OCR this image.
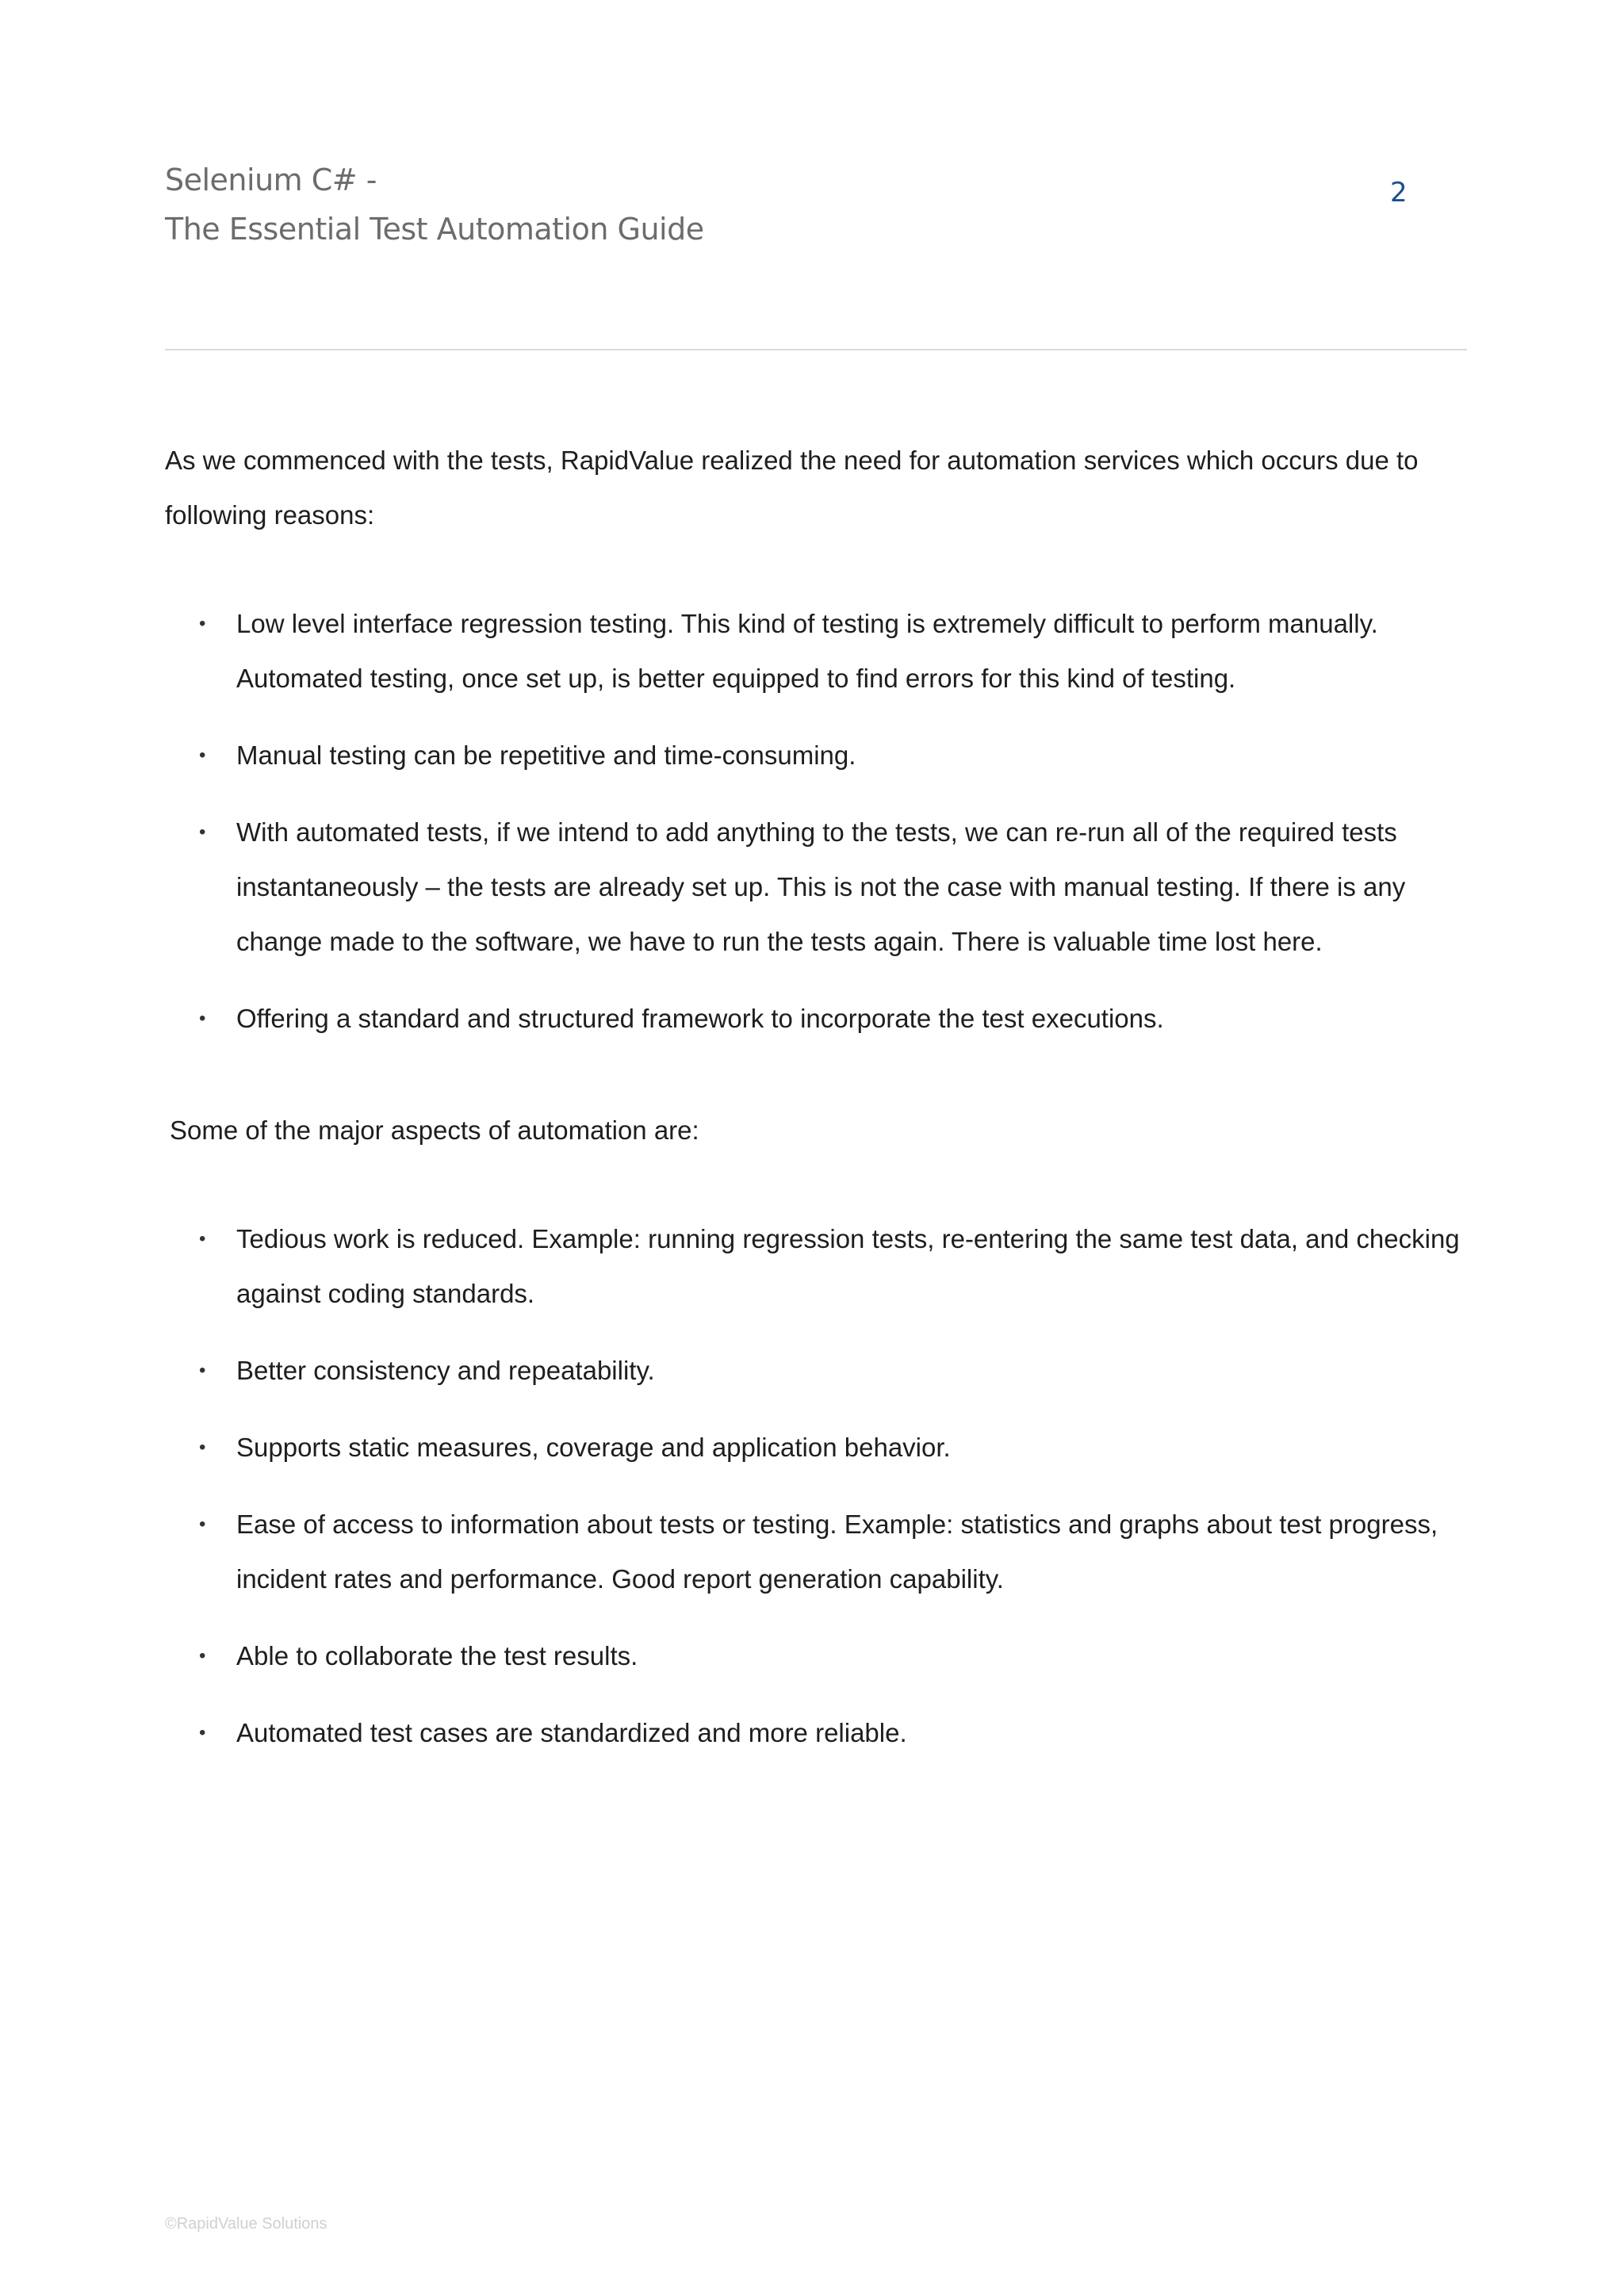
Selenium C# -
The Essential Test Automation Guide
2

As we commenced with the tests, RapidValue realized the need for automation services which occurs due to following reasons:

• Low level interface regression testing. This kind of testing is extremely difficult to perform manually. Automated testing, once set up, is better equipped to find errors for this kind of testing.
• Manual testing can be repetitive and time-consuming.
• With automated tests, if we intend to add anything to the tests, we can re-run all of the required tests instantaneously – the tests are already set up. This is not the case with manual testing. If there is any change made to the software, we have to run the tests again. There is valuable time lost here.
• Offering a standard and structured framework to incorporate the test executions.

Some of the major aspects of automation are:

• Tedious work is reduced. Example: running regression tests, re-entering the same test data, and checking against coding standards.
• Better consistency and repeatability.
• Supports static measures, coverage and application behavior.
• Ease of access to information about tests or testing. Example: statistics and graphs about test progress, incident rates and performance. Good report generation capability.
• Able to collaborate the test results.
• Automated test cases are standardized and more reliable.
©RapidValue Solutions
